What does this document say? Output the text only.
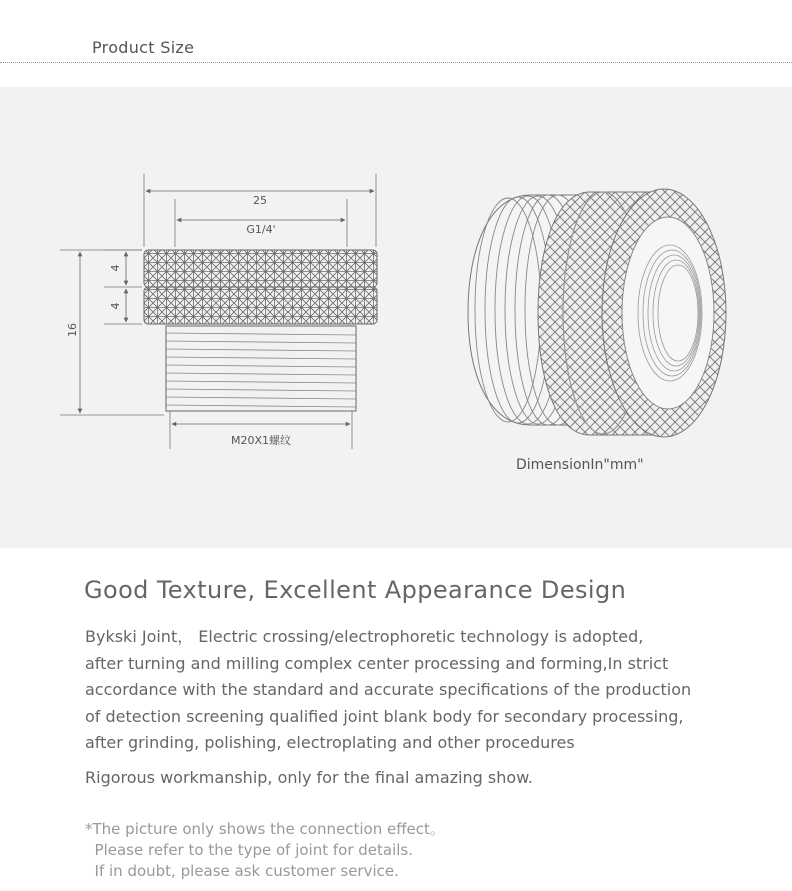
Product Size
25
G1/4'
4
4
16
M20X1螺纹
DimensionIn"mm"
Good Texture, Excellent Appearance Design
Bykski Joint， Electric crossing/electrophoretic technology is adopted,
after turning and milling complex center processing and forming,In strict
accordance with the standard and accurate specifications of the production
of detection screening qualified joint blank body for secondary processing,
after grinding, polishing, electroplating and other procedures
Rigorous workmanship, only for the final amazing show.
*The picture only shows the connection effect。
Please refer to the type of joint for details.
If in doubt, please ask customer service.
